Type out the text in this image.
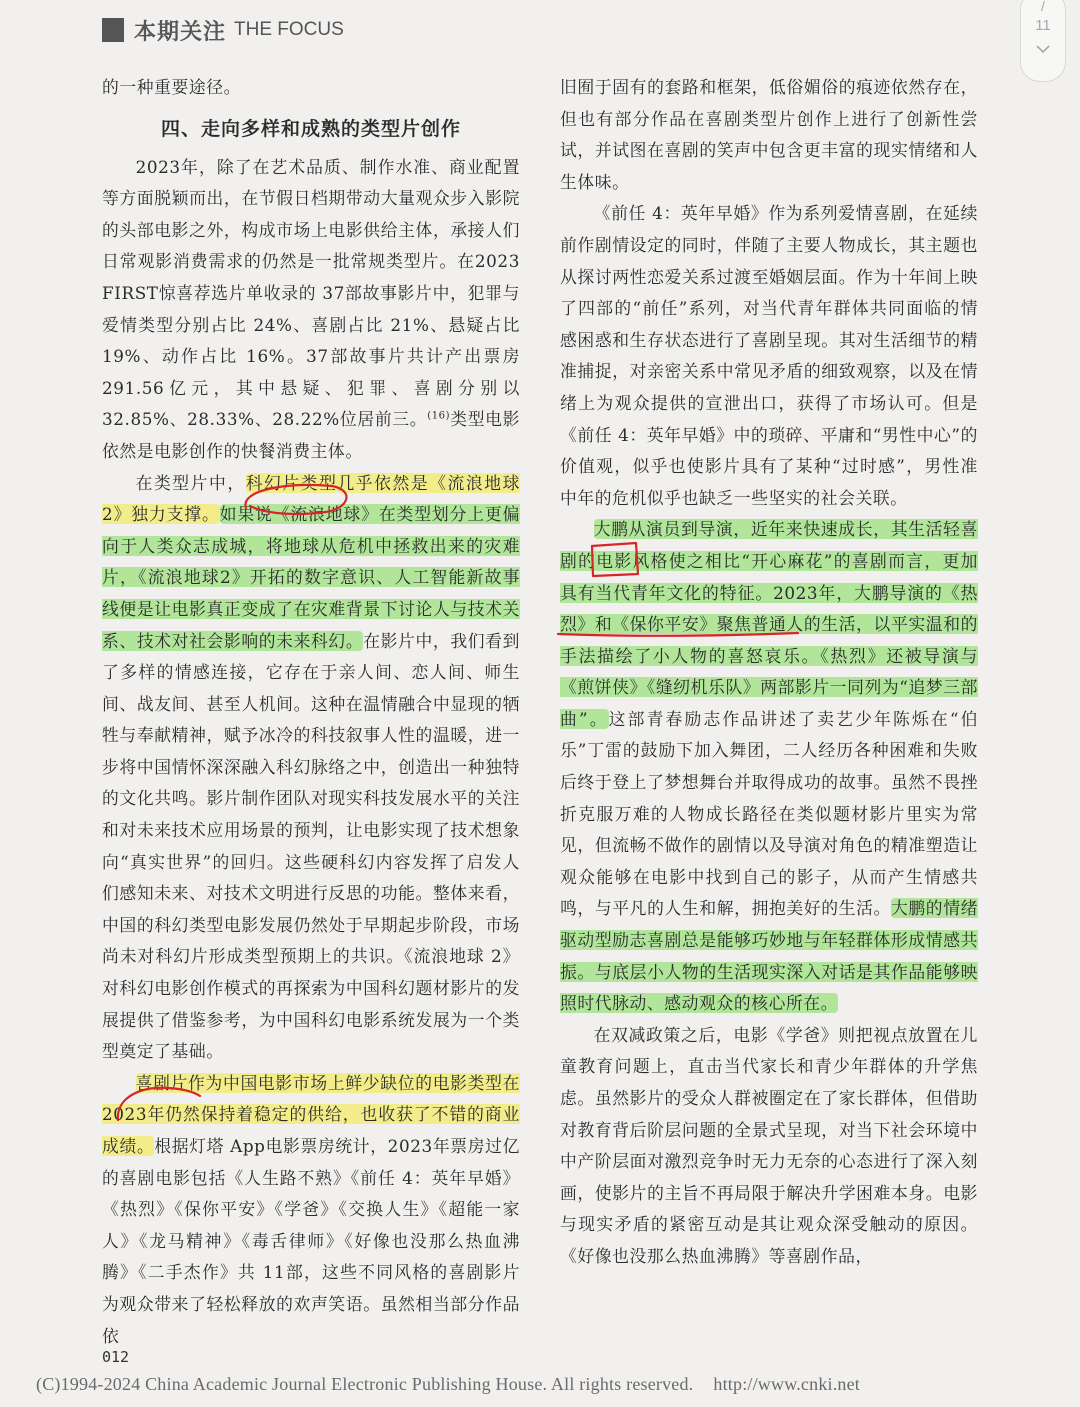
本期关注 THE FOCUS
/
11

的一种重要途径。

四、走向多样和成熟的类型片创作

2023年，除了在艺术品质、制作水准、商业配置等方面脱颖而出，在节假日档期带动大量观众步入影院的头部电影之外，构成市场上电影供给主体，承接人们日常观影消费需求的仍然是一批常规类型片。在2023 FIRST惊喜荐选片单收录的 37部故事影片中，犯罪与爱情类型分别占比 24%、喜剧占比 21%、悬疑占比 19%、动作占比 16%。37部故事片共计产出票房291.56亿元，其中悬疑、犯罪、喜剧分别以 32.85%、28.33%、28.22%位居前三。$^{(16)}$类型电影依然是电影创作的快餐消费主体。

在类型片中，科幻片类型几乎依然是《流浪地球2》独力支撑。如果说《流浪地球》在类型划分上更偏向于人类众志成城，将地球从危机中拯救出来的灾难片，《流浪地球2》开拓的数字意识、人工智能新故事线便是让电影真正变成了在灾难背景下讨论人与技术关系、技术对社会影响的未来科幻。在影片中，我们看到了多样的情感连接，它存在于亲人间、恋人间、师生间、战友间、甚至人机间。这种在温情融合中显现的牺牲与奉献精神，赋予冰冷的科技叙事人性的温暖，进一步将中国情怀深深融入科幻脉络之中，创造出一种独特的文化共鸣。影片制作团队对现实科技发展水平的关注和对未来技术应用场景的预判，让电影实现了技术想象向“真实世界”的回归。这些硬科幻内容发挥了启发人们感知未来、对技术文明进行反思的功能。整体来看，中国的科幻类型电影发展仍然处于早期起步阶段，市场尚未对科幻片形成类型预期上的共识。《流浪地球 2》对科幻电影创作模式的再探索为中国科幻题材影片的发展提供了借鉴参考，为中国科幻电影系统发展为一个类型奠定了基础。

喜剧片作为中国电影市场上鲜少缺位的电影类型在 2023年仍然保持着稳定的供给，也收获了不错的商业成绩。根据灯塔 App电影票房统计，2023年票房过亿的喜剧电影包括《人生路不熟》《前任 4：英年早婚》《热烈》《保你平安》《学爸》《交换人生》《超能一家人》《龙马精神》《毒舌律师》《好像也没那么热血沸腾》《二手杰作》共 11部，这些不同风格的喜剧影片为观众带来了轻松释放的欢声笑语。虽然相当部分作品依

旧囿于固有的套路和框架，低俗媚俗的痕迹依然存在，但也有部分作品在喜剧类型片创作上进行了创新性尝试，并试图在喜剧的笑声中包含更丰富的现实情绪和人生体味。

《前任 4：英年早婚》作为系列爱情喜剧，在延续前作剧情设定的同时，伴随了主要人物成长，其主题也从探讨两性恋爱关系过渡至婚姻层面。作为十年间上映了四部的“前任”系列，对当代青年群体共同面临的情感困惑和生存状态进行了喜剧呈现。其对生活细节的精准捕捉，对亲密关系中常见矛盾的细致观察，以及在情绪上为观众提供的宣泄出口，获得了市场认可。但是《前任 4：英年早婚》中的琐碎、平庸和“男性中心”的价值观，似乎也使影片具有了某种“过时感”，男性准中年的危机似乎也缺乏一些坚实的社会关联。

大鹏从演员到导演，近年来快速成长，其生活轻喜剧的电影风格使之相比“开心麻花”的喜剧而言，更加具有当代青年文化的特征。2023年，大鹏导演的《热烈》和《保你平安》聚焦普通人的生活，以平实温和的手法描绘了小人物的喜怒哀乐。《热烈》还被导演与《煎饼侠》《缝纫机乐队》两部影片一同列为“追梦三部曲”。这部青春励志作品讲述了卖艺少年陈烁在“伯乐”丁雷的鼓励下加入舞团，二人经历各种困难和失败后终于登上了梦想舞台并取得成功的故事。虽然不畏挫折克服万难的人物成长路径在类似题材影片里实为常见，但流畅不做作的剧情以及导演对角色的精准塑造让观众能够在电影中找到自己的影子，从而产生情感共鸣，与平凡的人生和解，拥抱美好的生活。大鹏的情绪驱动型励志喜剧总是能够巧妙地与年轻群体形成情感共振。与底层小人物的生活现实深入对话是其作品能够映照时代脉动、感动观众的核心所在。

在双减政策之后，电影《学爸》则把视点放置在儿童教育问题上，直击当代家长和青少年群体的升学焦虑。虽然影片的受众人群被圈定在了家长群体，但借助对教育背后阶层问题的全景式呈现，对当下社会环境中中产阶层面对激烈竞争时无力无奈的心态进行了深入刻画，使影片的主旨不再局限于解决升学困难本身。电影与现实矛盾的紧密互动是其让观众深受触动的原因。《好像也没那么热血沸腾》等喜剧作品，

012
(C)1994-2024 China Academic Journal Electronic Publishing House. All rights reserved. http://www.cnki.net
